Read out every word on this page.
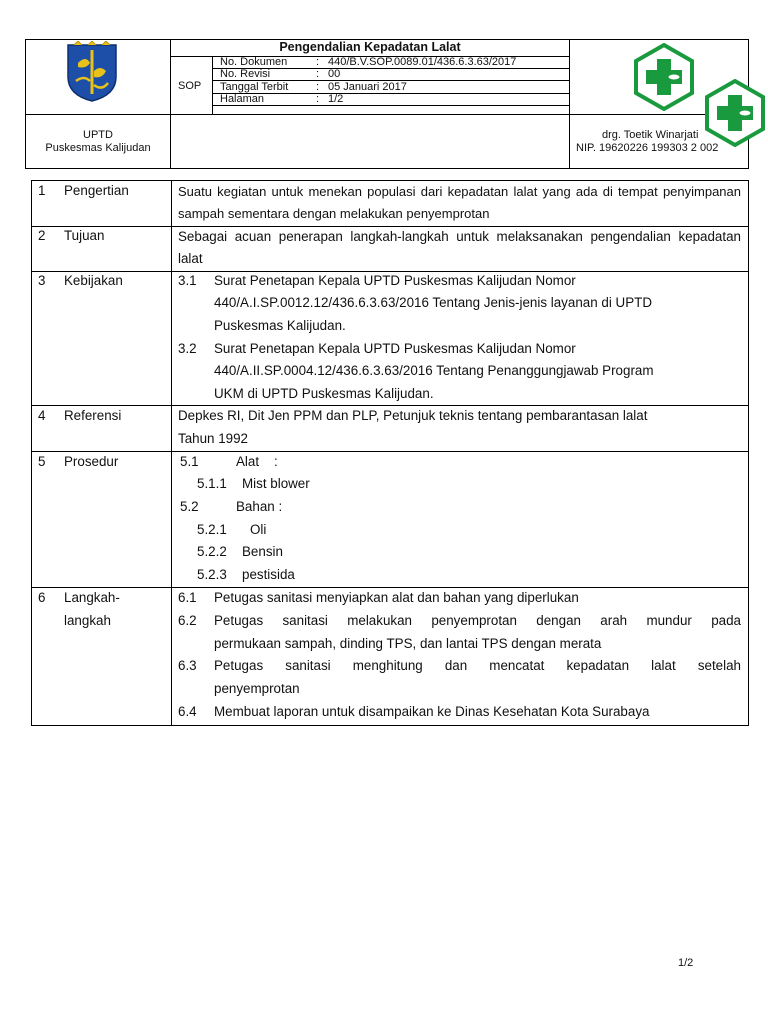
Pengendalian Kepadatan Lalat
SOP
No. Dokumen	: 440/B.V.SOP.0089.01/436.6.3.63/2017
No. Revisi	: 00
Tanggal Terbit	: 05 Januari 2017
Halaman	: 1/2
UPTD
Puskesmas Kalijudan
drg. Toetik Winarjati
NIP. 19620226 199303 2 002
1 Pengertian	Suatu kegiatan untuk menekan populasi dari kepadatan lalat yang ada di tempat penyimpanan sampah sementara dengan melakukan penyemprotan
2 Tujuan	Sebagai acuan penerapan langkah-langkah untuk melaksanakan pengendalian kepadatan lalat
3 Kebijakan	3.1 Surat Penetapan Kepala UPTD Puskesmas Kalijudan Nomor
440/A.I.SP.0012.12/436.6.3.63/2016 Tentang Jenis-jenis layanan di UPTD
Puskesmas Kalijudan.
3.2 Surat Penetapan Kepala UPTD Puskesmas Kalijudan Nomor
440/A.II.SP.0004.12/436.6.3.63/2016 Tentang Penanggungjawab Program
UKM di UPTD Puskesmas Kalijudan.
4 Referensi	Depkes RI, Dit Jen PPM dan PLP, Petunjuk teknis tentang pembarantasan lalat
Tahun 1992
5 Prosedur	5.1	Alat    :
5.1.1 Mist blower
5.2	Bahan :
5.2.1 Oli
5.2.2 Bensin
5.2.3 pestisida
6 Langkah-
langkah
6.1 Petugas sanitasi menyiapkan alat dan bahan yang diperlukan
6.2 Petugas sanitasi melakukan penyemprotan dengan arah mundur pada
permukaan sampah, dinding TPS, dan lantai TPS dengan merata
6.3 Petugas sanitasi menghitung dan mencatat kepadatan lalat setelah
penyemprotan
6.4 Membuat laporan untuk disampaikan ke Dinas Kesehatan Kota Surabaya
1/2
